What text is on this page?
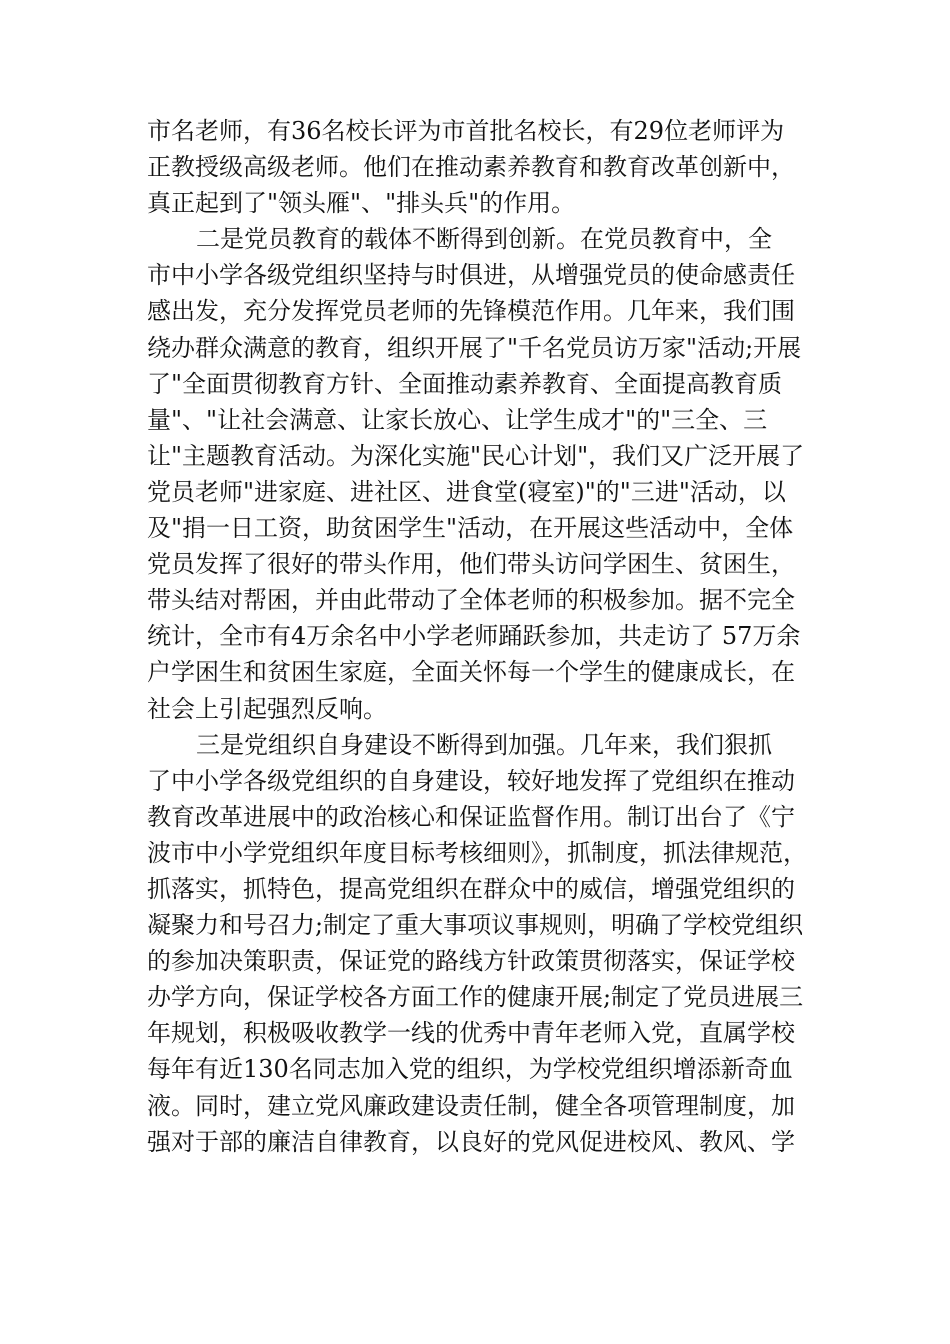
市名老师，有36名校长评为市首批名校长，有29位老师评为
正教授级高级老师。他们在推动素养教育和教育改革创新中，
真正起到了"领头雁"、"排头兵"的作用。
二是党员教育的载体不断得到创新。在党员教育中，全
市中小学各级党组织坚持与时俱进，从增强党员的使命感责任
感出发，充分发挥党员老师的先锋模范作用。几年来，我们围
绕办群众满意的教育，组织开展了"千名党员访万家"活动;开展
了"全面贯彻教育方针、全面推动素养教育、全面提高教育质
量"、"让社会满意、让家长放心、让学生成才"的"三全、三
让"主题教育活动。为深化实施"民心计划"，我们又广泛开展了
党员老师"进家庭、进社区、进食堂(寝室)"的"三进"活动，以
及"捐一日工资，助贫困学生"活动，在开展这些活动中，全体
党员发挥了很好的带头作用，他们带头访问学困生、贫困生，
带头结对帮困，并由此带动了全体老师的积极参加。据不完全
统计，全市有4万余名中小学老师踊跃参加，共走访了 57万余
户学困生和贫困生家庭，全面关怀每一个学生的健康成长，在
社会上引起强烈反响。
三是党组织自身建设不断得到加强。几年来，我们狠抓
了中小学各级党组织的自身建设，较好地发挥了党组织在推动
教育改革进展中的政治核心和保证监督作用。制订出台了《宁
波市中小学党组织年度目标考核细则》，抓制度，抓法律规范，
抓落实，抓特色，提高党组织在群众中的威信，增强党组织的
凝聚力和号召力;制定了重大事项议事规则，明确了学校党组织
的参加决策职责，保证党的路线方针政策贯彻落实，保证学校
办学方向，保证学校各方面工作的健康开展;制定了党员进展三
年规划，积极吸收教学一线的优秀中青年老师入党，直属学校
每年有近130名同志加入党的组织，为学校党组织增添新奇血
液。同时，建立党风廉政建设责任制，健全各项管理制度，加
强对于部的廉洁自律教育，以良好的党风促进校风、教风、学
